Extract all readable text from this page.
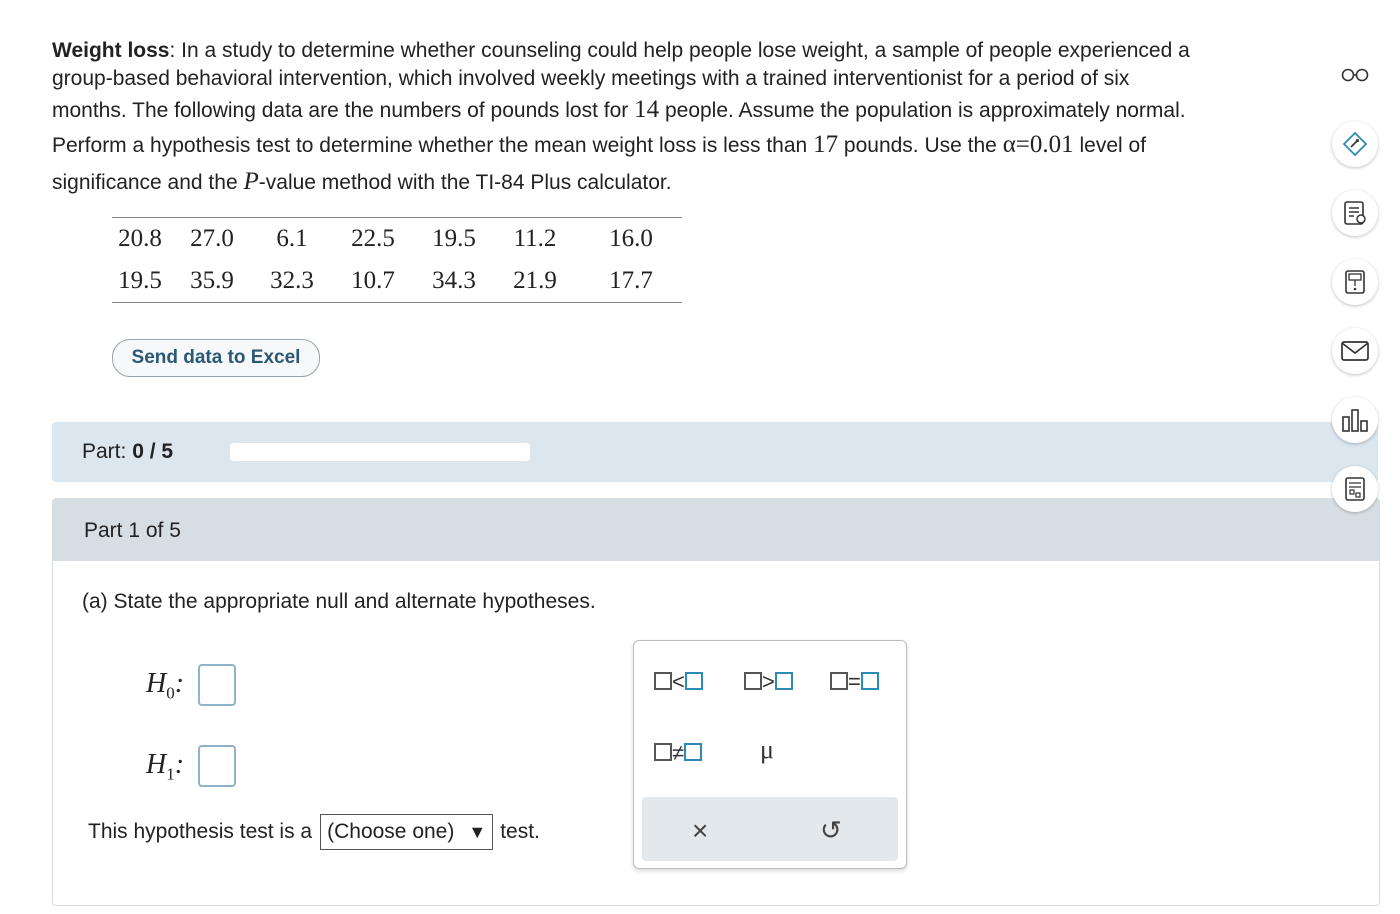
Weight loss: In a study to determine whether counseling could help people lose weight, a sample of people experienced a
group-based behavioral intervention, which involved weekly meetings with a trained interventionist for a period of six
months. The following data are the numbers of pounds lost for 14 people. Assume the population is approximately normal.
Perform a hypothesis test to determine whether the mean weight loss is less than 17 pounds. Use the α=0.01 level of
significance and the P-value method with the TI-84 Plus calculator.
20.8	27.0	6.1	22.5	19.5	11.2	16.0
19.5	35.9	32.3	10.7	34.3	21.9	17.7
Send data to Excel
Part: 0 / 5
Part 1 of 5
(a) State the appropriate null and alternate hypotheses.
$H_0$:
$H_1$:
This hypothesis test is a (Choose one) ▼ test.
<	>	=
≠	μ
×	↺
